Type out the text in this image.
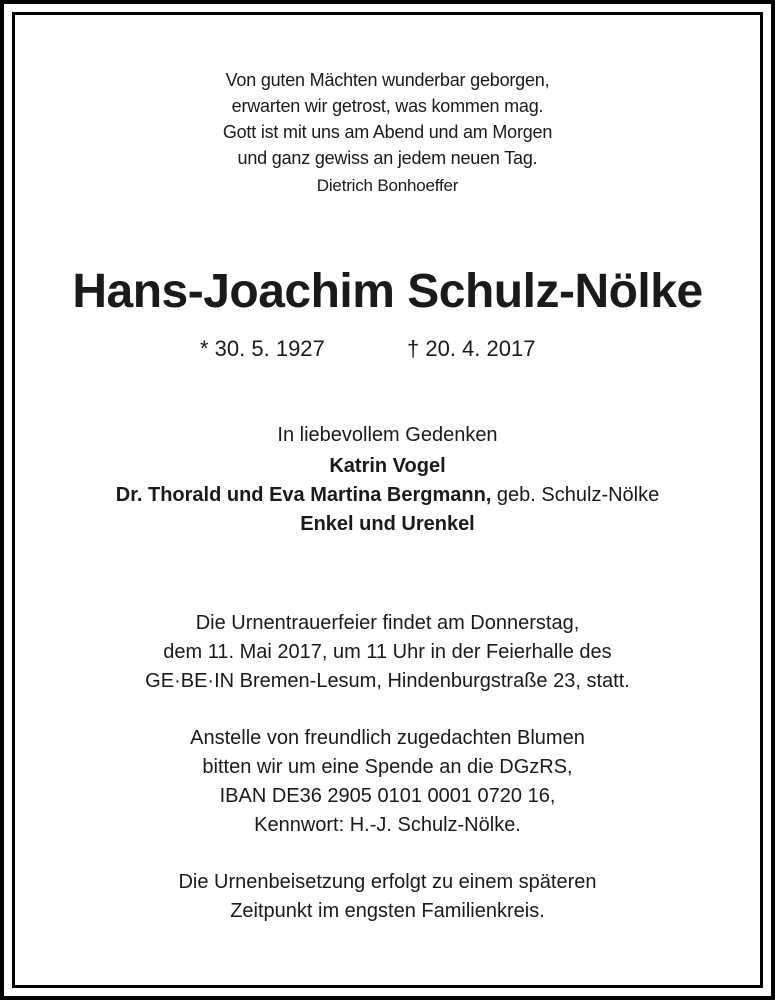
Von guten Mächten wunderbar geborgen,
erwarten wir getrost, was kommen mag.
Gott ist mit uns am Abend und am Morgen
und ganz gewiss an jedem neuen Tag.
Dietrich Bonhoeffer
Hans-Joachim Schulz-Nölke
* 30. 5. 1927	† 20. 4. 2017
In liebevollem Gedenken
Katrin Vogel
Dr. Thorald und Eva Martina Bergmann, geb. Schulz-Nölke
Enkel und Urenkel
Die Urnentrauerfeier findet am Donnerstag,
dem 11. Mai 2017, um 11 Uhr in der Feierhalle des
GE·BE·IN Bremen-Lesum, Hindenburgstraße 23, statt.
Anstelle von freundlich zugedachten Blumen
bitten wir um eine Spende an die DGzRS,
IBAN DE36 2905 0101 0001 0720 16,
Kennwort: H.-J. Schulz-Nölke.
Die Urnenbeisetzung erfolgt zu einem späteren
Zeitpunkt im engsten Familienkreis.
